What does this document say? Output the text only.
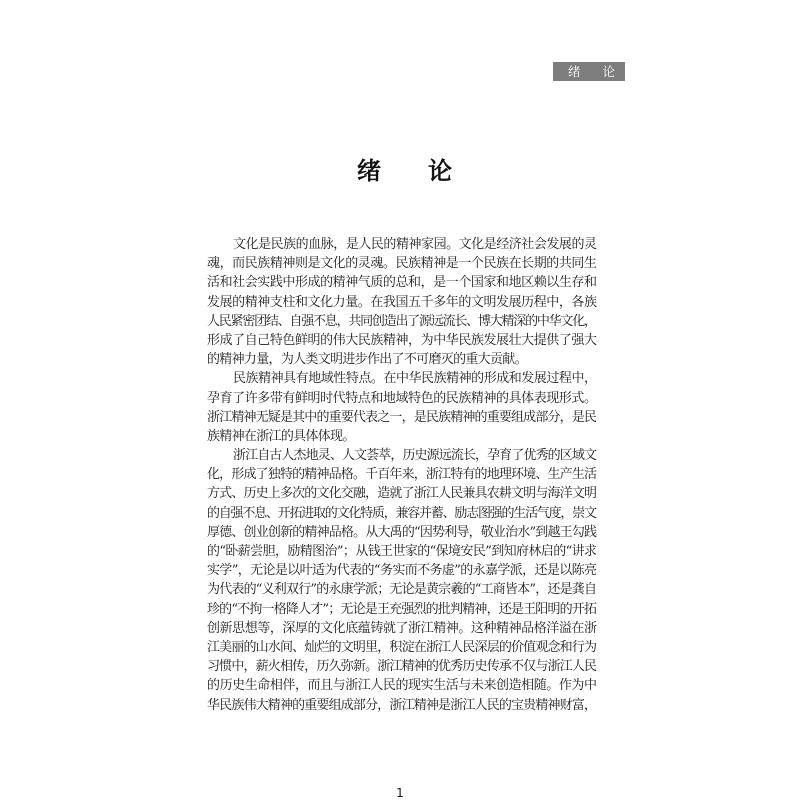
绪论
绪论
文化是民族的血脉，是人民的精神家园。文化是经济社会发展的灵
魂，而民族精神则是文化的灵魂。民族精神是一个民族在长期的共同生
活和社会实践中形成的精神气质的总和，是一个国家和地区赖以生存和
发展的精神支柱和文化力量。在我国五千多年的文明发展历程中，各族
人民紧密团结、自强不息，共同创造出了源远流长、博大精深的中华文化，
形成了自己特色鲜明的伟大民族精神，为中华民族发展壮大提供了强大
的精神力量，为人类文明进步作出了不可磨灭的重大贡献。
民族精神具有地域性特点。在中华民族精神的形成和发展过程中，
孕育了许多带有鲜明时代特点和地域特色的民族精神的具体表现形式。
浙江精神无疑是其中的重要代表之一，是民族精神的重要组成部分，是民
族精神在浙江的具体体现。
浙江自古人杰地灵、人文荟萃，历史源远流长，孕育了优秀的区域文
化，形成了独特的精神品格。千百年来，浙江特有的地理环境、生产生活
方式、历史上多次的文化交融，造就了浙江人民兼具农耕文明与海洋文明
的自强不息、开拓进取的文化特质，兼容并蓄、励志图强的生活气度，崇文
厚德、创业创新的精神品格。从大禹的“因势利导，敬业治水”到越王勾践
的“卧薪尝胆，励精图治”；从钱王世家的“保境安民”到知府林启的“讲求
实学”，无论是以叶适为代表的“务实而不务虚”的永嘉学派，还是以陈亮
为代表的“义利双行”的永康学派；无论是黄宗羲的“工商皆本”，还是龚自
珍的“不拘一格降人才”；无论是王充强烈的批判精神，还是王阳明的开拓
创新思想等，深厚的文化底蕴铸就了浙江精神。这种精神品格洋溢在浙
江美丽的山水间、灿烂的文明里，积淀在浙江人民深层的价值观念和行为
习惯中，薪火相传，历久弥新。浙江精神的优秀历史传承不仅与浙江人民
的历史生命相伴，而且与浙江人民的现实生活与未来创造相随。作为中
华民族伟大精神的重要组成部分，浙江精神是浙江人民的宝贵精神财富，
1
